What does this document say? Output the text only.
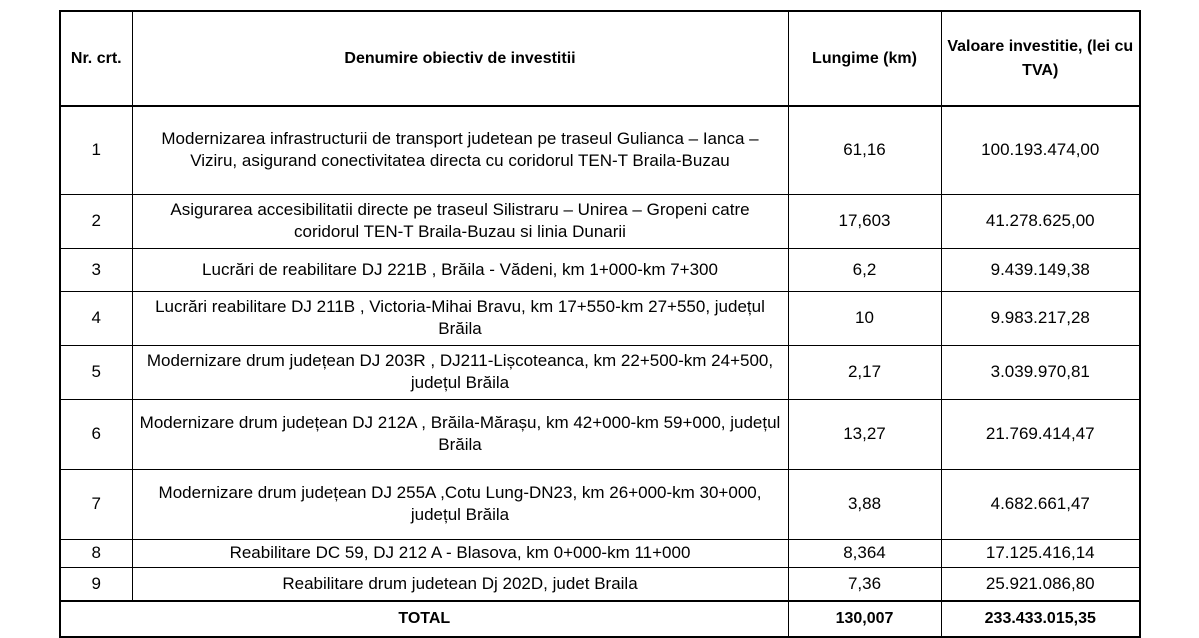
Nr. crt.	Denumire obiectiv de investitii	Lungime (km)	Valoare investitie, (lei cu TVA)
1	Modernizarea infrastructurii de transport judetean pe traseul Gulianca – Ianca – Viziru, asigurand conectivitatea directa cu coridorul TEN-T Braila-Buzau	61,16	100.193.474,00
2	Asigurarea accesibilitatii directe pe traseul Silistraru – Unirea – Gropeni catre coridorul TEN-T Braila-Buzau si linia Dunarii	17,603	41.278.625,00
3	Lucrări de reabilitare DJ 221B , Brăila - Vădeni, km 1+000-km 7+300	6,2	9.439.149,38
4	Lucrări reabilitare DJ 211B , Victoria-Mihai Bravu, km 17+550-km 27+550, județul Brăila	10	9.983.217,28
5	Modernizare drum județean DJ 203R , DJ211-Lișcoteanca, km 22+500-km 24+500, județul Brăila	2,17	3.039.970,81
6	Modernizare drum județean DJ 212A , Brăila-Mărașu, km 42+000-km 59+000, județul Brăila	13,27	21.769.414,47
7	Modernizare drum județean DJ 255A ,Cotu Lung-DN23, km 26+000-km 30+000, județul Brăila	3,88	4.682.661,47
8	Reabilitare DC 59, DJ 212 A - Blasova, km 0+000-km 11+000	8,364	17.125.416,14
9	Reabilitare drum judetean Dj 202D, judet Braila	7,36	25.921.086,80
TOTAL		130,007	233.433.015,35
